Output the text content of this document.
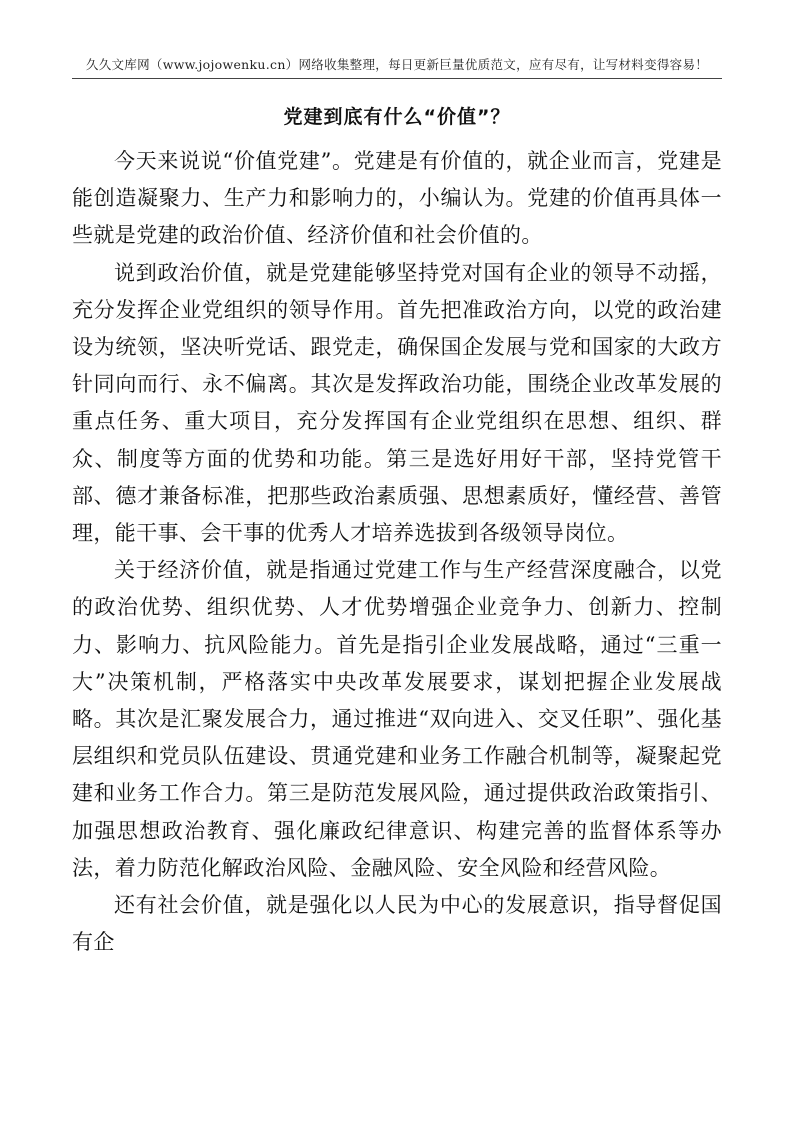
久久文库网（www.jojowenku.cn）网络收集整理，每日更新巨量优质范文，应有尽有，让写材料变得容易！
党建到底有什么“价值”？

今天来说说“价值党建”。党建是有价值的，就企业而言，党建是能创造凝聚力、生产力和影响力的，小编认为。党建的价值再具体一些就是党建的政治价值、经济价值和社会价值的。

说到政治价值，就是党建能够坚持党对国有企业的领导不动摇，充分发挥企业党组织的领导作用。首先把准政治方向，以党的政治建设为统领，坚决听党话、跟党走，确保国企发展与党和国家的大政方针同向而行、永不偏离。其次是发挥政治功能，围绕企业改革发展的重点任务、重大项目，充分发挥国有企业党组织在思想、组织、群众、制度等方面的优势和功能。第三是选好用好干部，坚持党管干部、德才兼备标准，把那些政治素质强、思想素质好，懂经营、善管理，能干事、会干事的优秀人才培养选拔到各级领导岗位。

关于经济价值，就是指通过党建工作与生产经营深度融合，以党的政治优势、组织优势、人才优势增强企业竞争力、创新力、控制力、影响力、抗风险能力。首先是指引企业发展战略，通过“三重一大”决策机制，严格落实中央改革发展要求，谋划把握企业发展战略。其次是汇聚发展合力，通过推进“双向进入、交叉任职”、强化基层组织和党员队伍建设、贯通党建和业务工作融合机制等，凝聚起党建和业务工作合力。第三是防范发展风险，通过提供政治政策指引、加强思想政治教育、强化廉政纪律意识、构建完善的监督体系等办法，着力防范化解政治风险、金融风险、安全风险和经营风险。

还有社会价值，就是强化以人民为中心的发展意识，指导督促国有企
